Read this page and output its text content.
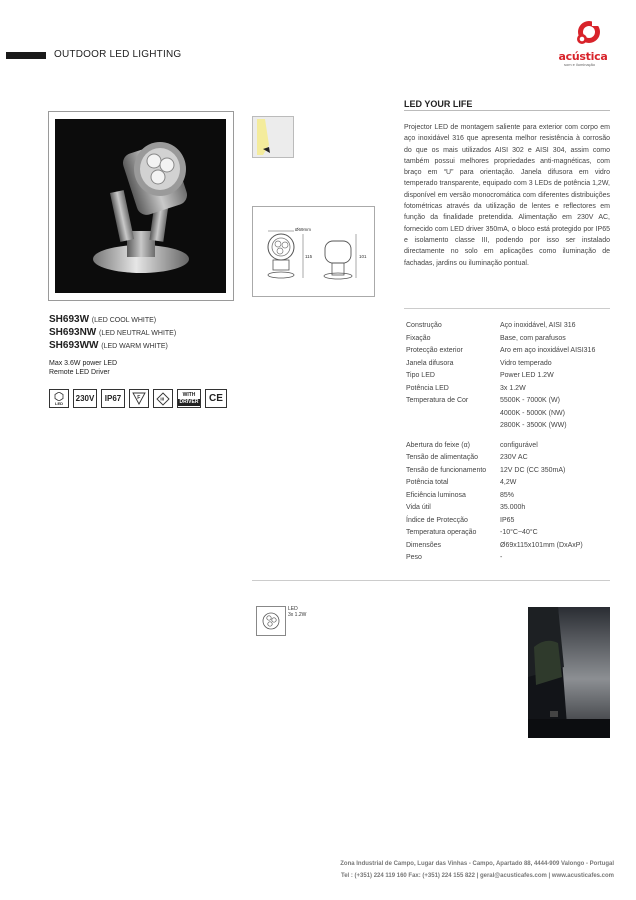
OUTDOOR LED LIGHTING	acústica
som e iluminação
SH693W (LED COOL WHITE)
SH693NW (LED NEUTRAL WHITE)
SH693WW (LED WARM WHITE)
Max 3.6W power LED
Remote LED Driver
LED	230V	IP67	F	III
WITH
DRIVER	CE
LED YOUR LIFE
Projector LED de montagem saliente para exterior com corpo em aço inoxidável 316 que apresenta melhor resistência à corrosão do que os mais utilizados AISI 302 e AISI 304, assim como também possui melhores propriedades anti-magnéticas, com braço em “U” para orientação. Janela difusora em vidro temperado transparente, equipado com 3 LEDs de potência 1,2W, disponível em versão monocromática com diferentes distribuições fotométricas através da utilização de lentes e reflectores em função da finalidade pretendida. Alimentação em 230V AC, fornecido com LED driver 350mA, o bloco está protegido por IP65 e isolamento classe III, podendo por isso ser instalado directamente no solo em aplicações como iluminação de fachadas, jardins ou iluminação pontual.
Ø69mm
115	101
Construção	Aço inoxidável, AISI 316
Fixação	Base, com parafusos
Protecção exterior	Aro em aço inoxidável AISI316
Janela difusora	Vidro temperado
Tipo LED	Power LED 1.2W
Potência LED	3x 1.2W
Temperatura de Cor	5500K - 7000K (W)
4000K - 5000K (NW)
2800K - 3500K (WW)
Abertura do feixe (α)	configurável
Tensão de alimentação	230V AC
Tensão de funcionamento	12V DC (CC 350mA)
Potência total	4,2W
Eficiência luminosa	85%
Vida útil	35.000h
Índice de Protecção	IP65
Temperatura operação	-10°C~40°C
Dimensões	Ø69x115x101mm (DxAxP)
Peso	-
LED
3x 1.2W
Zona Industrial de Campo, Lugar das Vinhas - Campo, Apartado 88, 4444-909 Valongo - Portugal
Tel : (+351) 224 119 160 Fax: (+351) 224 155 822 | geral@acusticafes.com | www.acusticafes.com
